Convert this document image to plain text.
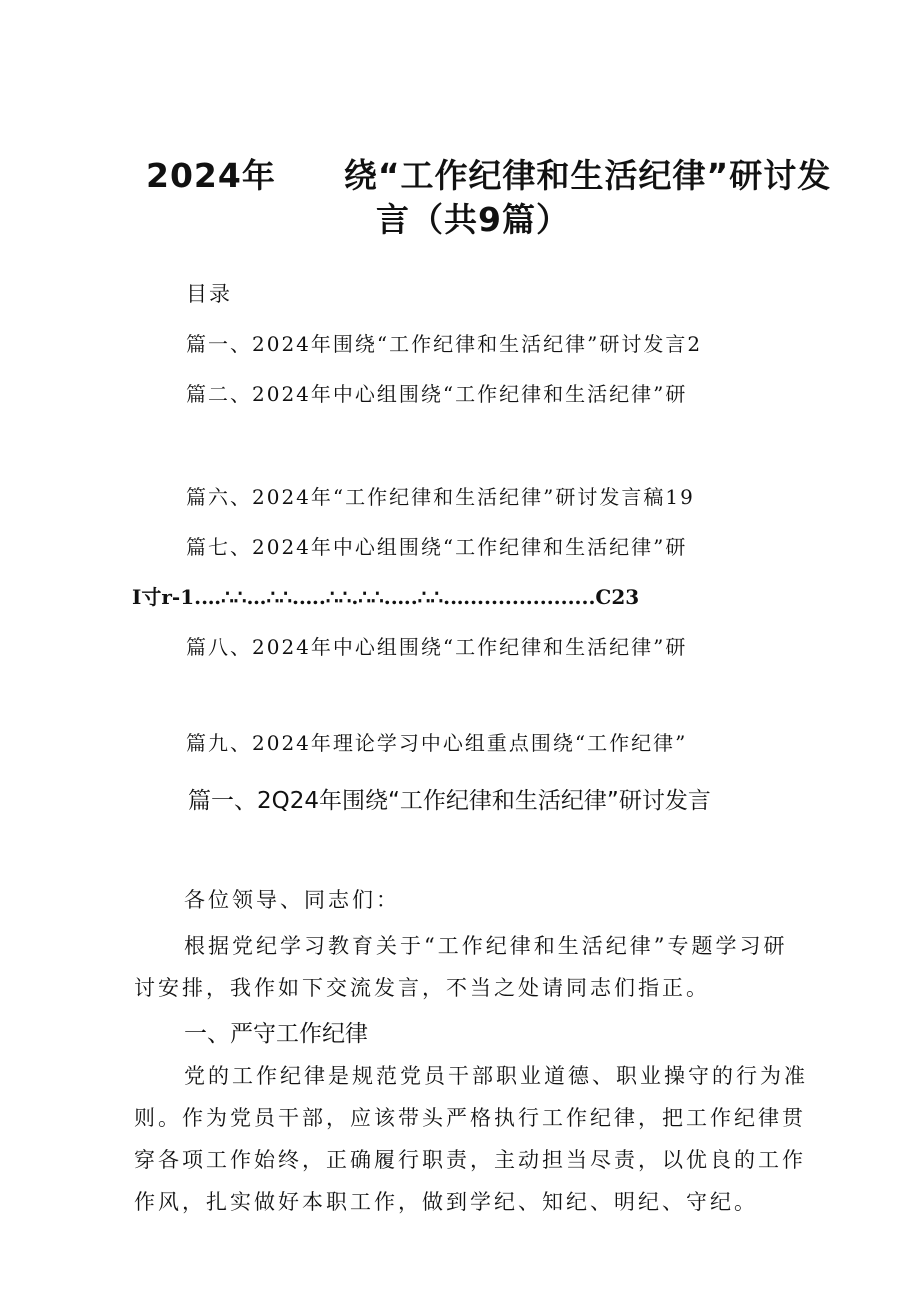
2024年　　绕“工作纪律和生活纪律”研讨发
言（共9篇）
目录
篇一、2024年围绕“工作纪律和生活纪律”研讨发言2
篇二、2024年中心组围绕“工作纪律和生活纪律”研
篇六、2024年“工作纪律和生活纪律”研讨发言稿19
篇七、2024年中心组围绕“工作纪律和生活纪律”研
I寸r-1.…∴∴…∴∴.….∴∴.∴∴.….∴∴.…..................C23
篇八、2024年中心组围绕“工作纪律和生活纪律”研
篇九、2024年理论学习中心组重点围绕“工作纪律”
篇一、2Q24年围绕“工作纪律和生活纪律”研讨发言
各位领导、同志们：
根据党纪学习教育关于“工作纪律和生活纪律”专题学习研
讨安排，我作如下交流发言，不当之处请同志们指正。
一、严守工作纪律
党的工作纪律是规范党员干部职业道德、职业操守的行为准
则。作为党员干部，应该带头严格执行工作纪律，把工作纪律贯
穿各项工作始终，正确履行职责，主动担当尽责，以优良的工作
作风，扎实做好本职工作，做到学纪、知纪、明纪、守纪。
